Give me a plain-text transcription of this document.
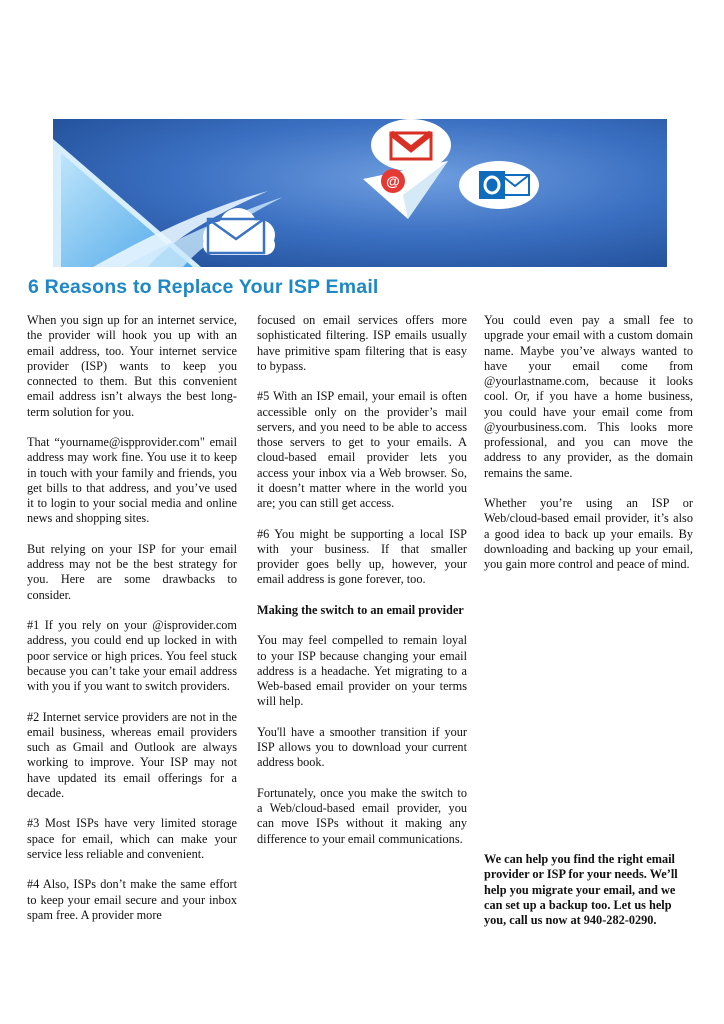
@
6 Reasons to Replace Your ISP Email

When you sign up for an internet service, the provider will hook you up with an email address, too. Your internet service provider (ISP) wants to keep you connected to them. But this convenient email address isn’t always the best long-term solution for you.

That “yourname@ispprovider.com" email address may work fine. You use it to keep in touch with your family and friends, you get bills to that address, and you’ve used it to login to your social media and online news and shopping sites.

But relying on your ISP for your email address may not be the best strategy for you. Here are some drawbacks to consider.

#1 If you rely on your @isprovider.com address, you could end up locked in with poor service or high prices. You feel stuck because you can’t take your email address with you if you want to switch providers.

#2 Internet service providers are not in the email business, whereas email providers such as Gmail and Outlook are always working to improve. Your ISP may not have updated its email offerings for a decade.

#3 Most ISPs have very limited storage space for email, which can make your service less reliable and convenient.

#4 Also, ISPs don’t make the same effort to keep your email secure and your inbox spam free. A provider more

focused on email services offers more sophisticated filtering. ISP emails usually have primitive spam filtering that is easy to bypass.

#5 With an ISP email, your email is often accessible only on the provider’s mail servers, and you need to be able to access those servers to get to your emails. A cloud-based email provider lets you access your inbox via a Web browser. So, it doesn’t matter where in the world you are; you can still get access.

#6 You might be supporting a local ISP with your business. If that smaller provider goes belly up, however, your email address is gone forever, too.

Making the switch to an email provider

You may feel compelled to remain loyal to your ISP because changing your email address is a headache. Yet migrating to a Web-based email provider on your terms will help.

You'll have a smoother transition if your ISP allows you to download your current address book.

Fortunately, once you make the switch to a Web/cloud-based email provider, you can move ISPs without it making any difference to your email communications.

You could even pay a small fee to upgrade your email with a custom domain name. Maybe you’ve always wanted to have your email come from @yourlastname.com, because it looks cool. Or, if you have a home business, you could have your email come from @yourbusiness.com. This looks more professional, and you can move the address to any provider, as the domain remains the same.

Whether you’re using an ISP or Web/cloud-based email provider, it’s also a good idea to back up your emails. By downloading and backing up your email, you gain more control and peace of mind.

We can help you find the right email provider or ISP for your needs. We’ll help you migrate your email, and we can set up a backup too. Let us help you, call us now at 940-282-0290.
